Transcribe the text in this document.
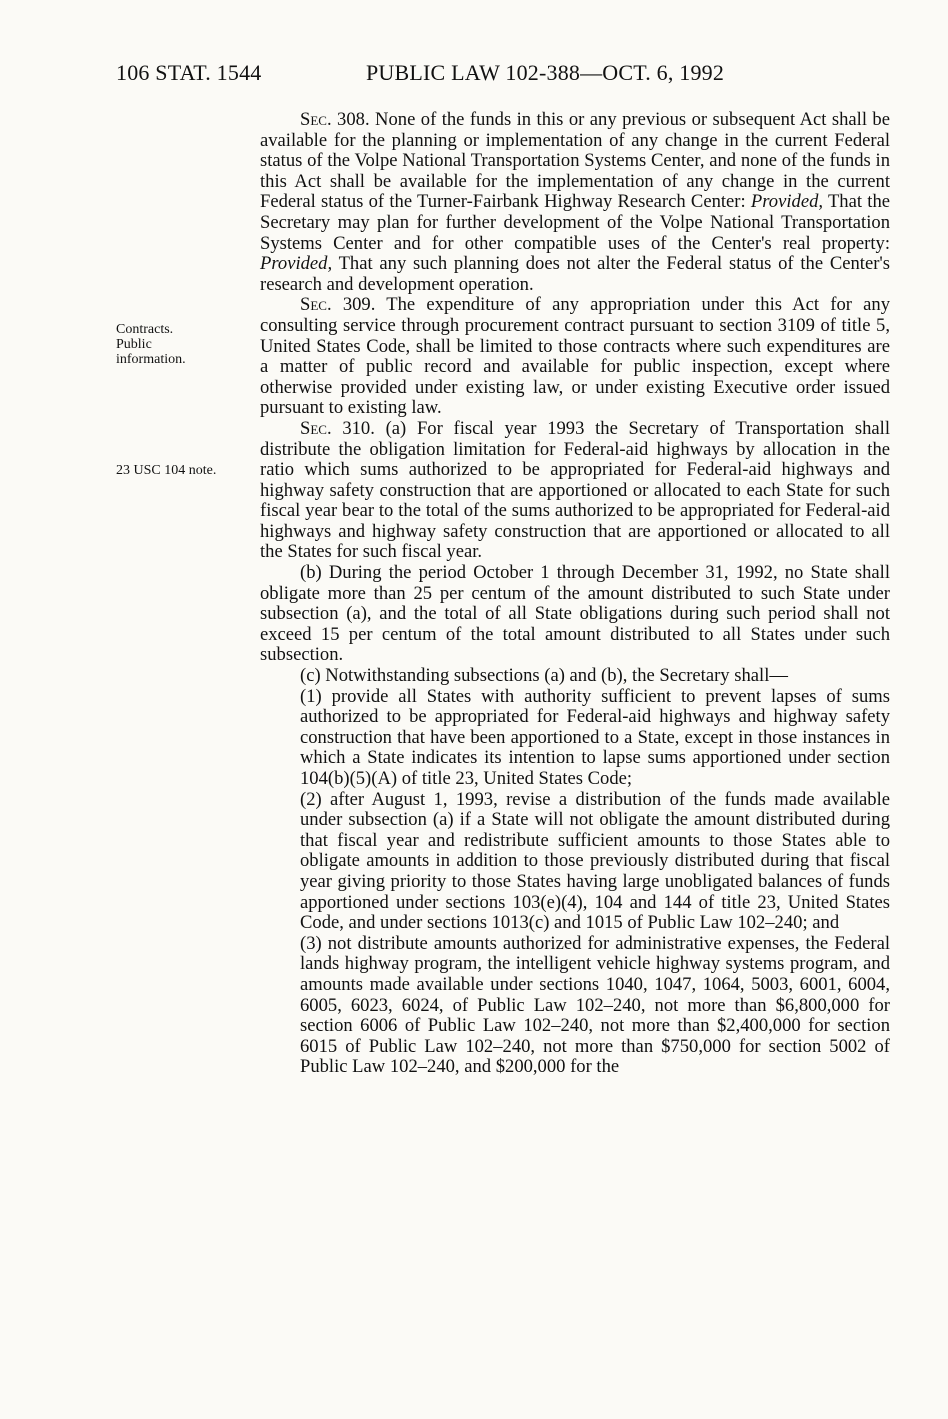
106 STAT. 1544	PUBLIC LAW 102-388—OCT. 6, 1992
Contracts.
Public information.
23 USC 104 note.

Sec. 308. None of the funds in this or any previous or subsequent Act shall be available for the planning or implementation of any change in the current Federal status of the Volpe National Transportation Systems Center, and none of the funds in this Act shall be available for the implementation of any change in the current Federal status of the Turner-Fairbank Highway Research Center: Provided, That the Secretary may plan for further development of the Volpe National Transportation Systems Center and for other compatible uses of the Center's real property: Provided, That any such planning does not alter the Federal status of the Center's research and development operation.

Sec. 309. The expenditure of any appropriation under this Act for any consulting service through procurement contract pursuant to section 3109 of title 5, United States Code, shall be limited to those contracts where such expenditures are a matter of public record and available for public inspection, except where otherwise provided under existing law, or under existing Executive order issued pursuant to existing law.

Sec. 310. (a) For fiscal year 1993 the Secretary of Transportation shall distribute the obligation limitation for Federal-aid highways by allocation in the ratio which sums authorized to be appropriated for Federal-aid highways and highway safety construction that are apportioned or allocated to each State for such fiscal year bear to the total of the sums authorized to be appropriated for Federal-aid highways and highway safety construction that are apportioned or allocated to all the States for such fiscal year.

(b) During the period October 1 through December 31, 1992, no State shall obligate more than 25 per centum of the amount distributed to such State under subsection (a), and the total of all State obligations during such period shall not exceed 15 per centum of the total amount distributed to all States under such subsection.

(c) Notwithstanding subsections (a) and (b), the Secretary shall—

(1) provide all States with authority sufficient to prevent lapses of sums authorized to be appropriated for Federal-aid highways and highway safety construction that have been apportioned to a State, except in those instances in which a State indicates its intention to lapse sums apportioned under section 104(b)(5)(A) of title 23, United States Code;

(2) after August 1, 1993, revise a distribution of the funds made available under subsection (a) if a State will not obligate the amount distributed during that fiscal year and redistribute sufficient amounts to those States able to obligate amounts in addition to those previously distributed during that fiscal year giving priority to those States having large unobligated balances of funds apportioned under sections 103(e)(4), 104 and 144 of title 23, United States Code, and under sections 1013(c) and 1015 of Public Law 102–240; and

(3) not distribute amounts authorized for administrative expenses, the Federal lands highway program, the intelligent vehicle highway systems program, and amounts made available under sections 1040, 1047, 1064, 5003, 6001, 6004, 6005, 6023, 6024, of Public Law 102–240, not more than $6,800,000 for section 6006 of Public Law 102–240, not more than $2,400,000 for section 6015 of Public Law 102–240, not more than $750,000 for section 5002 of Public Law 102–240, and $200,000 for the
